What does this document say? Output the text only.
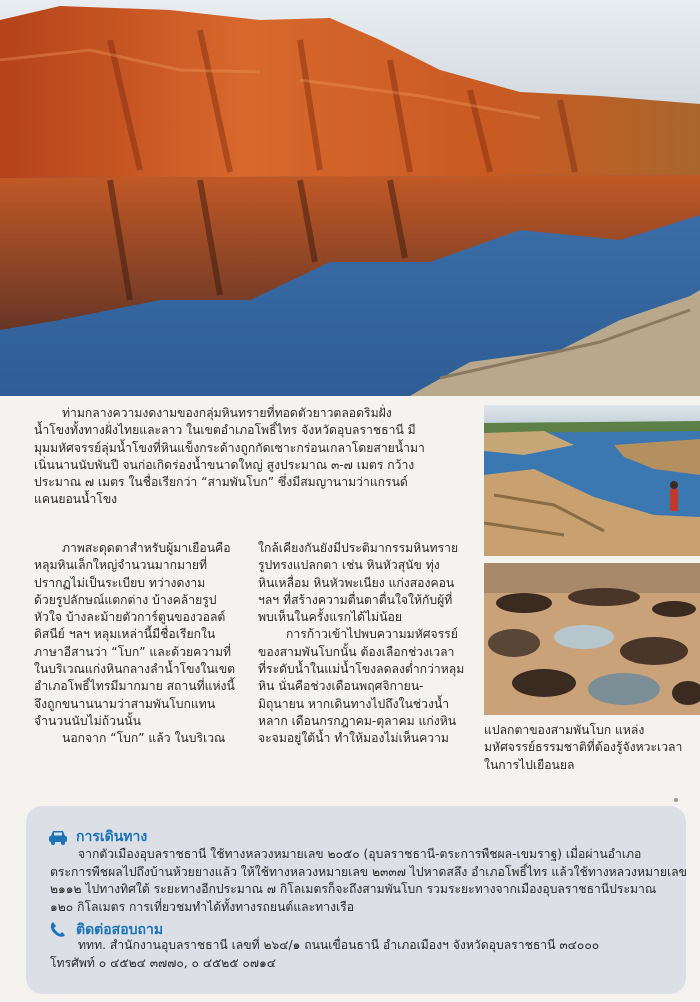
ท่ามกลางความงดงามของกลุ่มหินทรายที่ทอดตัวยาวตลอดริมฝั่ง
น้ำโขงทั้งทางฝั่งไทยและลาว ในเขตอำเภอโพธิ์ไทร จังหวัดอุบลราชธานี มี
มุมมหัศจรรย์ลุ่มน้ำโขงที่หินแข็งกระด้างถูกกัดเซาะกร่อนเกลาโดยสายน้ำมา
เนิ่นนานนับพันปี จนก่อเกิดร่องน้ำขนาดใหญ่ สูงประมาณ ๓-๗ เมตร กว้าง
ประมาณ ๗ เมตร ในชื่อเรียกว่า “สามพันโบก” ซึ่งมีสมญานามว่าแกรนด์
แคนยอนน้ำโขง
ภาพสะดุดตาสำหรับผู้มาเยือนคือ
หลุมหินเล็กใหญ่จำนวนมากมายที่
ปรากฏไม่เป็นระเบียบ ทว่างดงาม
ด้วยรูปลักษณ์แตกต่าง บ้างคล้ายรูป
หัวใจ บ้างละม้ายตัวการ์ตูนของวอลต์
ดิสนีย์ ฯลฯ หลุมเหล่านี้มีชื่อเรียกใน
ภาษาอีสานว่า “โบก” และด้วยความที่
ในบริเวณแก่งหินกลางลำน้ำโขงในเขต
อำเภอโพธิ์ไทรมีมากมาย สถานที่แห่งนี้
จึงถูกขนานนามว่าสามพันโบกแทน
จำนวนนับไม่ถ้วนนั้น
นอกจาก “โบก” แล้ว ในบริเวณ
ใกล้เคียงกันยังมีประติมากรรมหินทราย
รูปทรงแปลกตา เช่น หินหัวสุนัข ทุ่ง
หินเหลื่อม หินหัวพะเนียง แก่งสองคอน
ฯลฯ ที่สร้างความตื่นตาตื่นใจให้กับผู้ที่
พบเห็นในครั้งแรกได้ไม่น้อย
การก้าวเข้าไปพบความมหัศจรรย์
ของสามพันโบกนั้น ต้องเลือกช่วงเวลา
ที่ระดับน้ำในแม่น้ำโขงลดลงต่ำกว่าหลุม
หิน นั่นคือช่วงเดือนพฤศจิกายน-
มิถุนายน หากเดินทางไปถึงในช่วงน้ำ
หลาก เดือนกรกฎาคม-ตุลาคม แก่งหิน
จะจมอยู่ใต้น้ำ ทำให้มองไม่เห็นความ
แปลกตาของสามพันโบก แหล่ง
มหัศจรรย์ธรรมชาติที่ต้องรู้จังหวะเวลา
ในการไปเยือนยล
การเดินทาง
จากตัวเมืองอุบลราชธานี ใช้ทางหลวงหมายเลข ๒๐๕๐ (อุบลราชธานี-ตระการพืชผล-เขมราฐ) เมื่อผ่านอำเภอ
ตระการพืชผลไปถึงบ้านห้วยยางแล้ว ให้ใช้ทางหลวงหมายเลข ๒๓๓๗ ไปหาดสลึง อำเภอโพธิ์ไทร แล้วใช้ทางหลวงหมายเลข
๒๑๑๒ ไปทางทิศใต้ ระยะทางอีกประมาณ ๗ กิโลเมตรก็จะถึงสามพันโบก รวมระยะทางจากเมืองอุบลราชธานีประมาณ
๑๒๐ กิโลเมตร การเที่ยวชมทำได้ทั้งทางรถยนต์และทางเรือ
ติดต่อสอบถาม
ททท. สำนักงานอุบลราชธานี เลขที่ ๒๖๔/๑ ถนนเขื่อนธานี อำเภอเมืองฯ จังหวัดอุบลราชธานี ๓๔๐๐๐
โทรศัพท์ ๐ ๔๕๒๔ ๓๗๗๐, ๐ ๔๕๒๕ ๐๗๑๔
